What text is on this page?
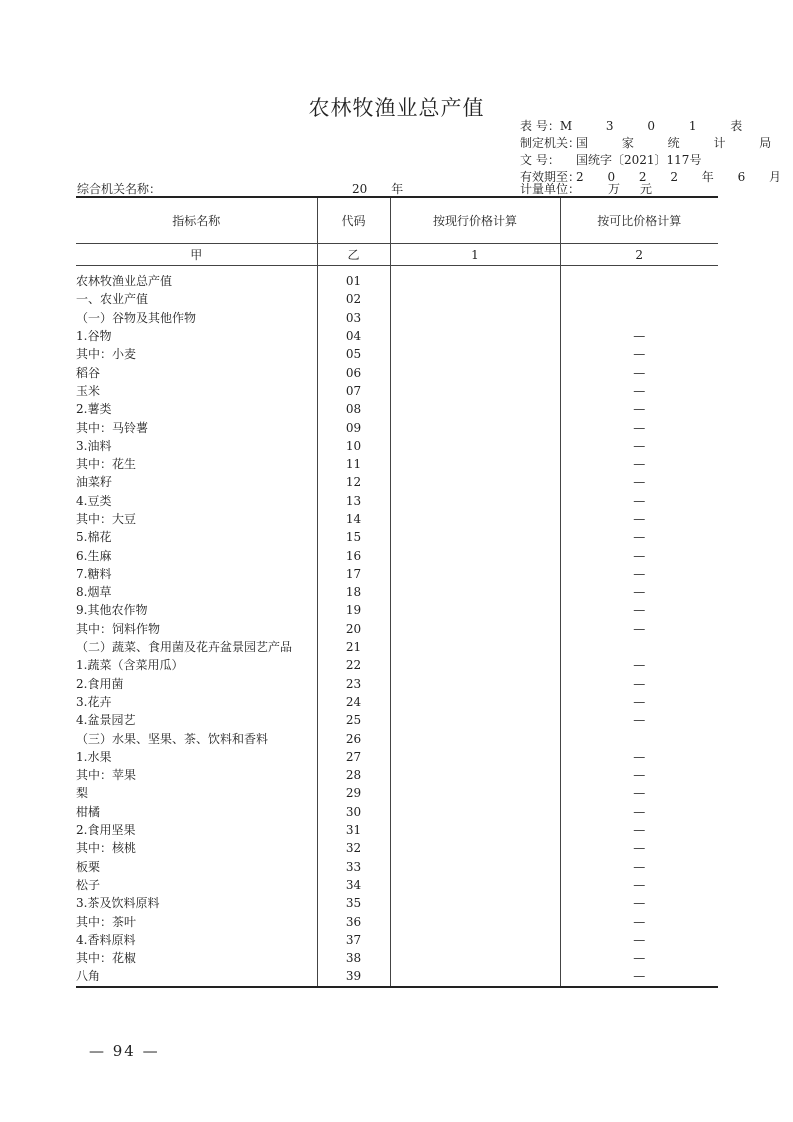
农林牧渔业总产值
表 号： M 3 0 1 表
制定机关：
国 家 统 计 局
文 号：	国统字〔2021〕117号
有效期至：
2 0 2 2 年 6 月
综合机关名称：	20 年	计量单位： 万元
指标名称	代码	按现行价格计算	按可比价格计算
甲	乙	1	2
农林牧渔业总产值	01		
一、农业产值	02		
（一）谷物及其他作物	03		
1.谷物	04		—
其中：小麦	05		—
稻谷	06		—
玉米	07		—
2.薯类	08		—
其中：马铃薯	09		—
3.油料	10		—
其中：花生	11		—
油菜籽	12		—
4.豆类	13		—
其中：大豆	14		—
5.棉花	15		—
6.生麻	16		—
7.糖料	17		—
8.烟草	18		—
9.其他农作物	19		—
其中：饲料作物	20		—
（二）蔬菜、食用菌及花卉盆景园艺产品	21		
1.蔬菜（含菜用瓜）	22		—
2.食用菌	23		—
3.花卉	24		—
4.盆景园艺	25		—
（三）水果、坚果、茶、饮料和香料	26		
1.水果	27		—
其中：苹果	28		—
梨	29		—
柑橘	30		—
2.食用坚果	31		—
其中：核桃	32		—
板栗	33		—
松子	34		—
3.茶及饮料原料	35		—
其中：茶叶	36		—
4.香料原料	37		—
其中：花椒	38		—
八角	39		—
— 94 —
